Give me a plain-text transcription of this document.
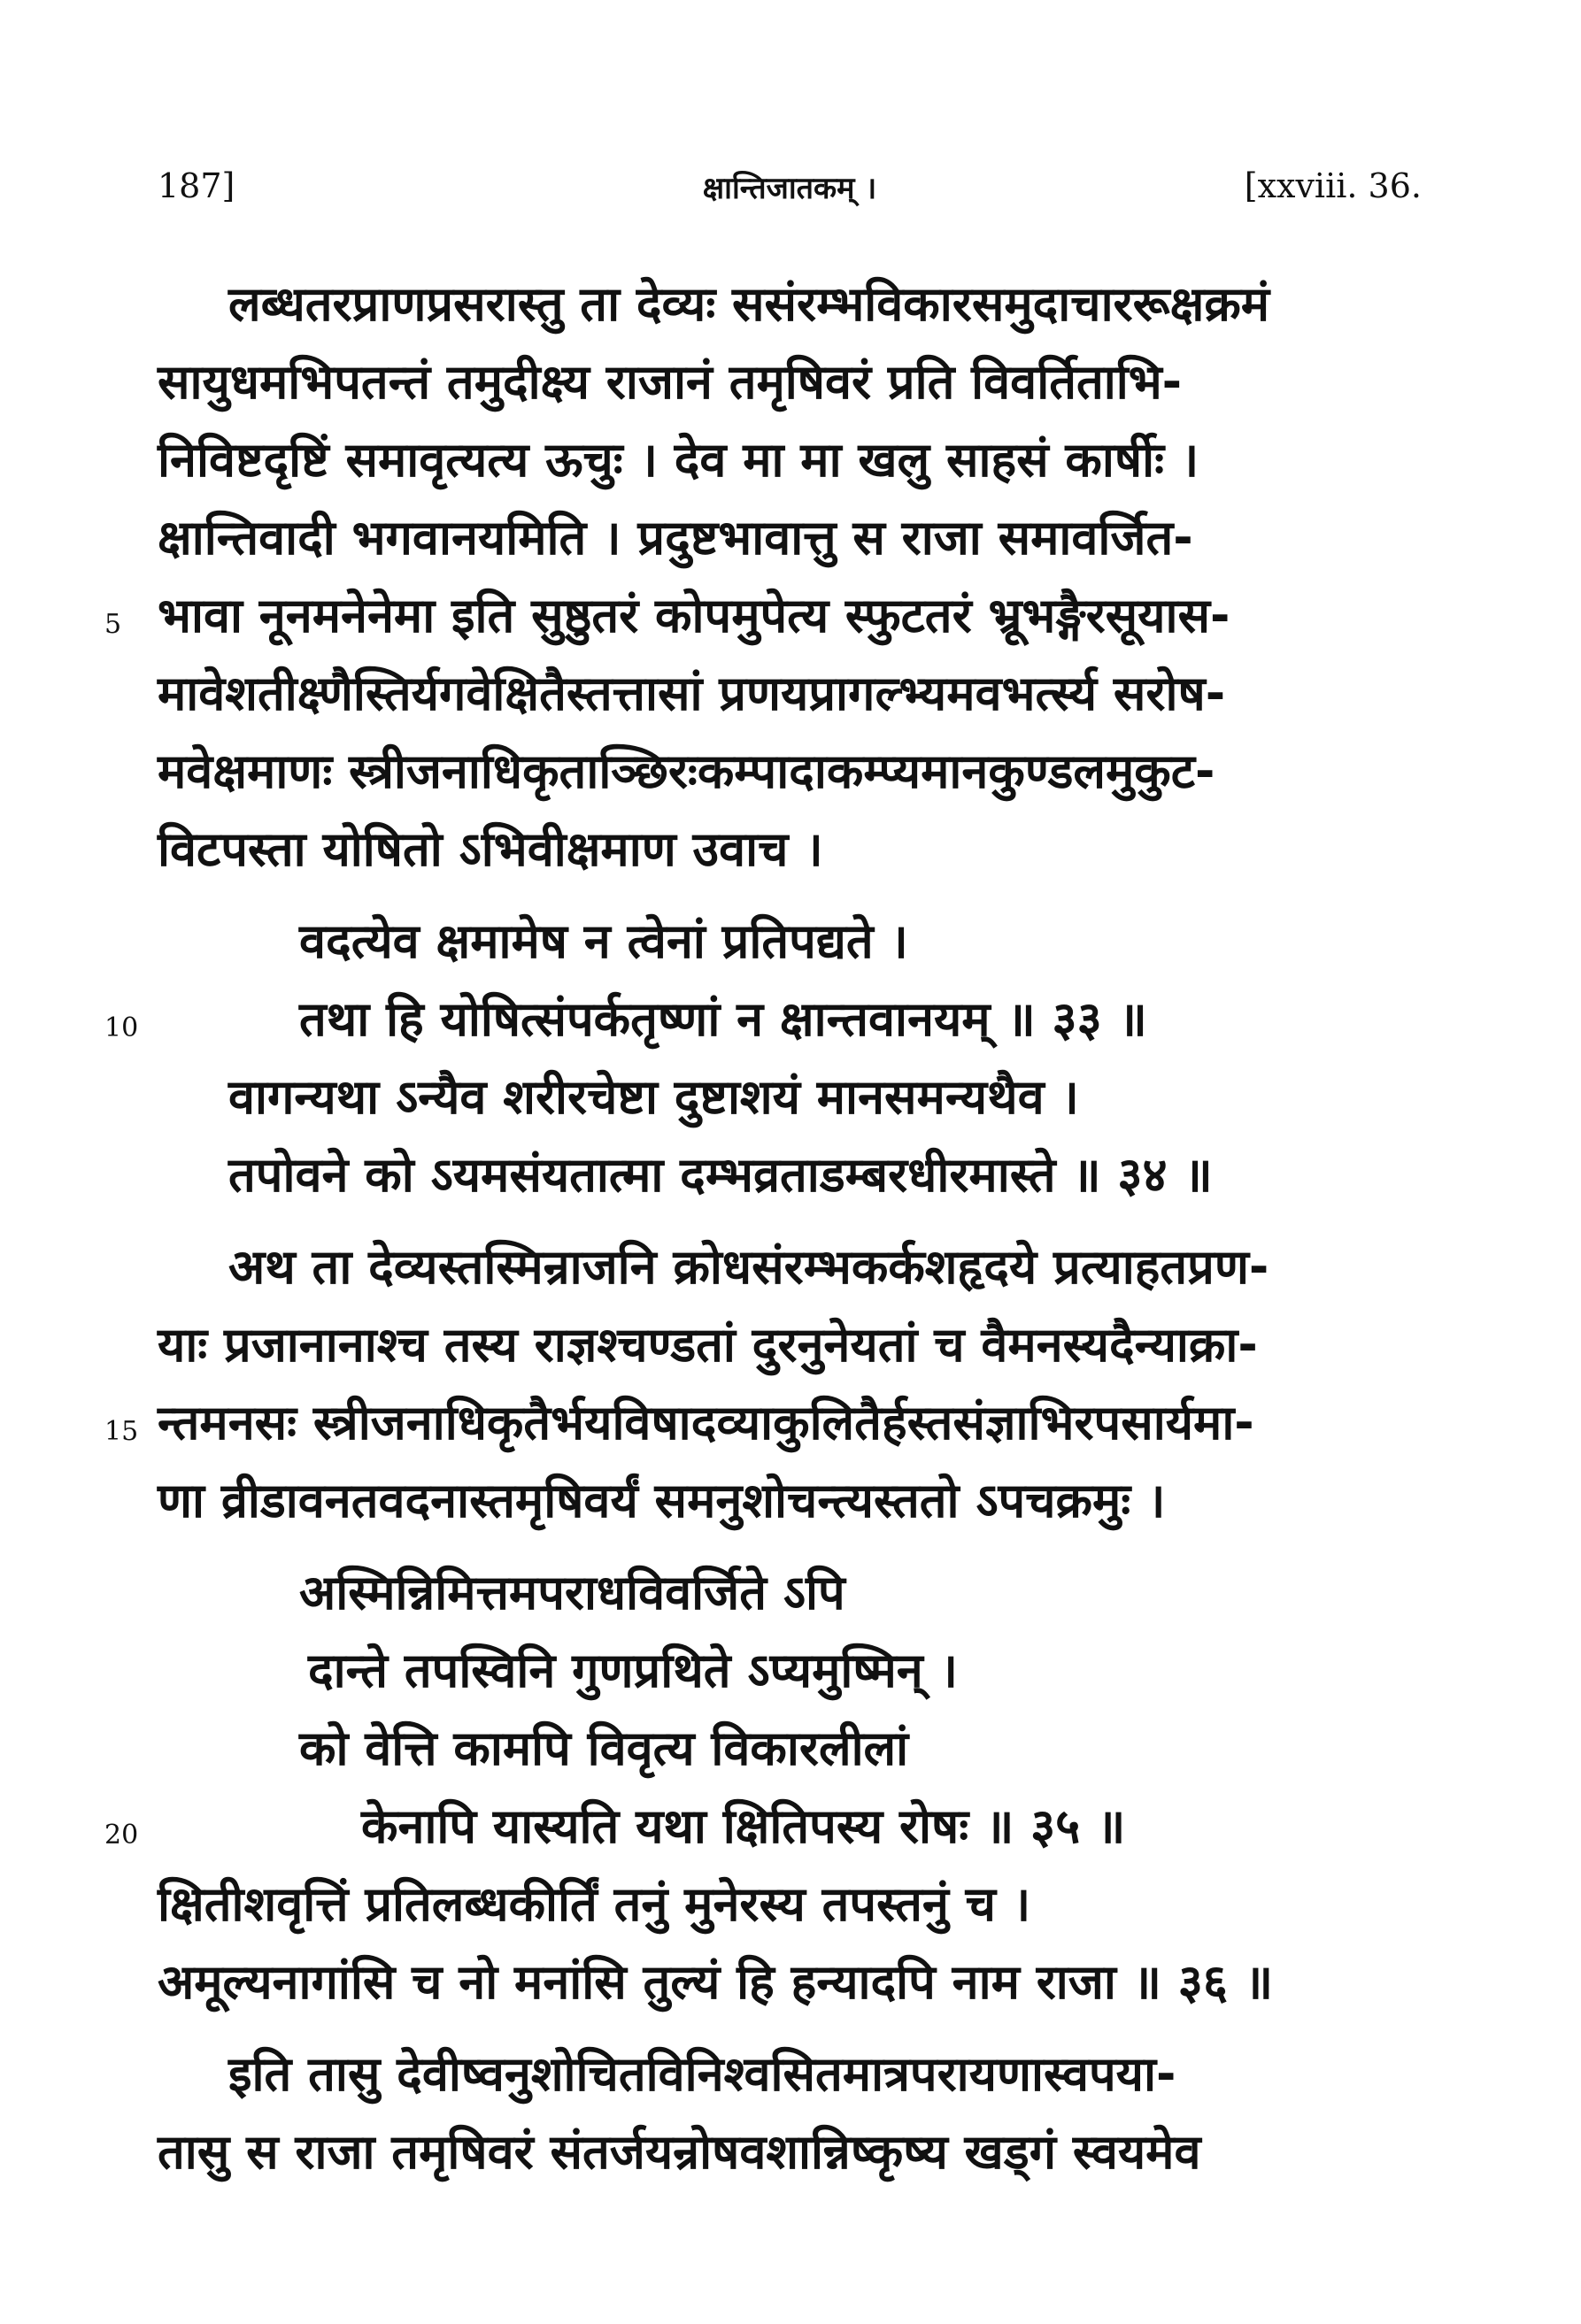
187]	क्षान्तिजातकम् ।	[xxviii. 36.
लब्धतरप्राणप्रसरास्तु ता देव्यः ससंरम्भविकारसमुदाचाररूक्षक्रमं
सायुधमभिपतन्तं तमुदीक्ष्य राजानं तमृषिवरं प्रति विवर्तिताभि-
निविष्टदृष्टिं समावृत्यत्य ऊचुः । देव मा मा खलु साहसं कार्षीः ।
क्षान्तिवादी भगवानयमिति । प्रदुष्टभावात्तु स राजा समावर्जित-
5 भावा नूनमनेनेमा इति सुष्ठुतरं कोपमुपेत्य स्फुटतरं भ्रूभङ्गैरसूयास-
मावेशतीक्ष्णैस्तिर्यगवेक्षितैस्तत्तासां प्रणयप्रागल्भ्यमवभर्त्स्य सरोष-
मवेक्षमाणः स्त्रीजनाधिकृताञ्छिरःकम्पादाकम्प्यमानकुण्डलमुकुट-
विटपस्ता योषितो ऽभिवीक्षमाण उवाच ।
वदत्येव क्षमामेष न त्वेनां प्रतिपद्यते ।
10	तथा हि योषित्संपर्कतृष्णां न क्षान्तवानयम् ॥ ३३ ॥
वागन्यथा ऽन्यैव शरीरचेष्टा दुष्टाशयं मानसमन्यथैव ।
तपोवने को ऽयमसंयतात्मा दम्भव्रताडम्बरधीरमास्ते ॥ ३४ ॥
अथ ता देव्यस्तस्मिन्राजनि क्रोधसंरम्भकर्कशहृदये प्रत्याहतप्रण-
याः प्रजानानाश्च तस्य राज्ञश्चण्डतां दुरनुनेयतां च वैमनस्यदैन्याक्रा-
15 न्तमनसः स्त्रीजनाधिकृतैर्भयविषादव्याकुलितैर्हस्तसंज्ञाभिरपसार्यमा-
णा व्रीडावनतवदनास्तमृषिवर्यं समनुशोचन्त्यस्ततो ऽपचक्रमुः ।
अस्मिन्निमित्तमपराधविवर्जिते ऽपि
दान्ते तपस्विनि गुणप्रथिते ऽप्यमुष्मिन् ।
को वेत्ति कामपि विवृत्य विकारलीलां
20	केनापि यास्यति यथा क्षितिपस्य रोषः ॥ ३५ ॥
क्षितीशवृत्तिं प्रतिलब्धकीर्तिं तनुं मुनेरस्य तपस्तनुं च ।
अमूल्यनागांसि च नो मनांसि तुल्यं हि हन्यादपि नाम राजा ॥ ३६ ॥
इति तासु देवीष्वनुशोचितविनिश्वसितमात्रपरायणास्वपया-
तासु स राजा तमृषिवरं संतर्जयन्रोषवशान्निष्कृष्य खड्गं स्वयमेव
